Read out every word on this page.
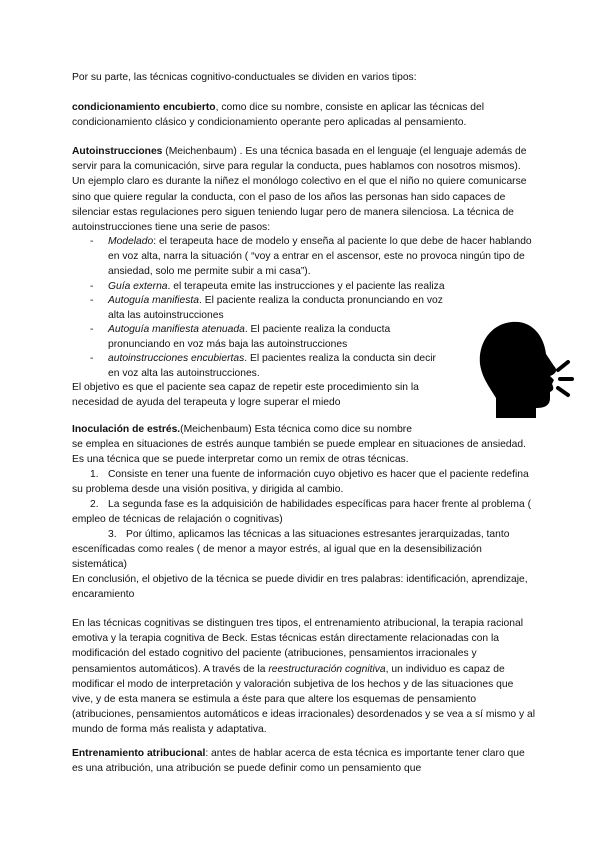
Por su parte, las técnicas cognitivo-conductuales se dividen en varios tipos:

condicionamiento encubierto, como dice su nombre, consiste en aplicar las técnicas del condicionamiento clásico y condicionamiento operante pero aplicadas al pensamiento.

Autoinstrucciones (Meichenbaum) . Es una técnica basada en el lenguaje (el lenguaje además de servir para la comunicación, sirve para regular la conducta, pues hablamos con nosotros mismos). Un ejemplo claro es durante la niñez el monólogo colectivo en el que el niño no quiere comunicarse sino que quiere regular la conducta, con el paso de los años las personas han sido capaces de silenciar estas regulaciones pero siguen teniendo lugar pero de manera silenciosa. La técnica de autoinstrucciones tiene una serie de pasos:

- Modelado: el terapeuta hace de modelo y enseña al paciente lo que debe de hacer hablando en voz alta, narra la situación ( “voy a entrar en el ascensor, este no provoca ningún tipo de ansiedad, solo me permite subir a mi casa”).

- Guía externa. el terapeuta emite las instrucciones y el paciente las realiza

- Autoguía manifiesta. El paciente realiza la conducta pronunciando en voz alta las autoinstrucciones

- Autoguía manifiesta atenuada. El paciente realiza la conducta pronunciando en voz más baja las autoinstrucciones

- autoinstrucciones encubiertas. El pacientes realiza la conducta sin decir en voz alta las autoinstrucciones.

El objetivo es que el paciente sea capaz de repetir este procedimiento sin la necesidad de ayuda del terapeuta y logre superar el miedo

Inoculación de estrés.(Meichenbaum) Esta técnica como dice su nombre

se emplea en situaciones de estrés aunque también se puede emplear en situaciones de ansiedad. Es una técnica que se puede interpretar como un remix de otras técnicas.

1. Consiste en tener una fuente de información cuyo objetivo es hacer que el paciente redefina su problema desde una visión positiva, y dirigida al cambio.

2. La segunda fase es la adquisición de habilidades específicas para hacer frente al problema ( empleo de técnicas de relajación o cognitivas)

3. Por último, aplicamos las técnicas a las situaciones estresantes jerarquizadas, tanto esceníficadas como reales ( de menor a mayor estrés, al igual que en la desensibilización sistemática)

En conclusión, el objetivo de la técnica se puede dividir en tres palabras: identificación, aprendizaje, encaramiento

En las técnicas cognitivas se distinguen tres tipos, el entrenamiento atribucional, la terapia racional emotiva y la terapia cognitiva de Beck. Estas técnicas están directamente relacionadas con la modificación del estado cognitivo del paciente (atribuciones, pensamientos irracionales y pensamientos automáticos). A través de la reestructuración cognitiva, un individuo es capaz de modificar el modo de interpretación y valoración subjetiva de los hechos y de las situaciones que vive, y de esta manera se estimula a éste para que altere los esquemas de pensamiento (atribuciones, pensamientos automáticos e ideas irracionales) desordenados y se vea a sí mismo y al mundo de forma más realista y adaptativa.

Entrenamiento atribucional: antes de hablar acerca de esta técnica es importante tener claro que es una atribución, una atribución se puede definir como un pensamiento que
